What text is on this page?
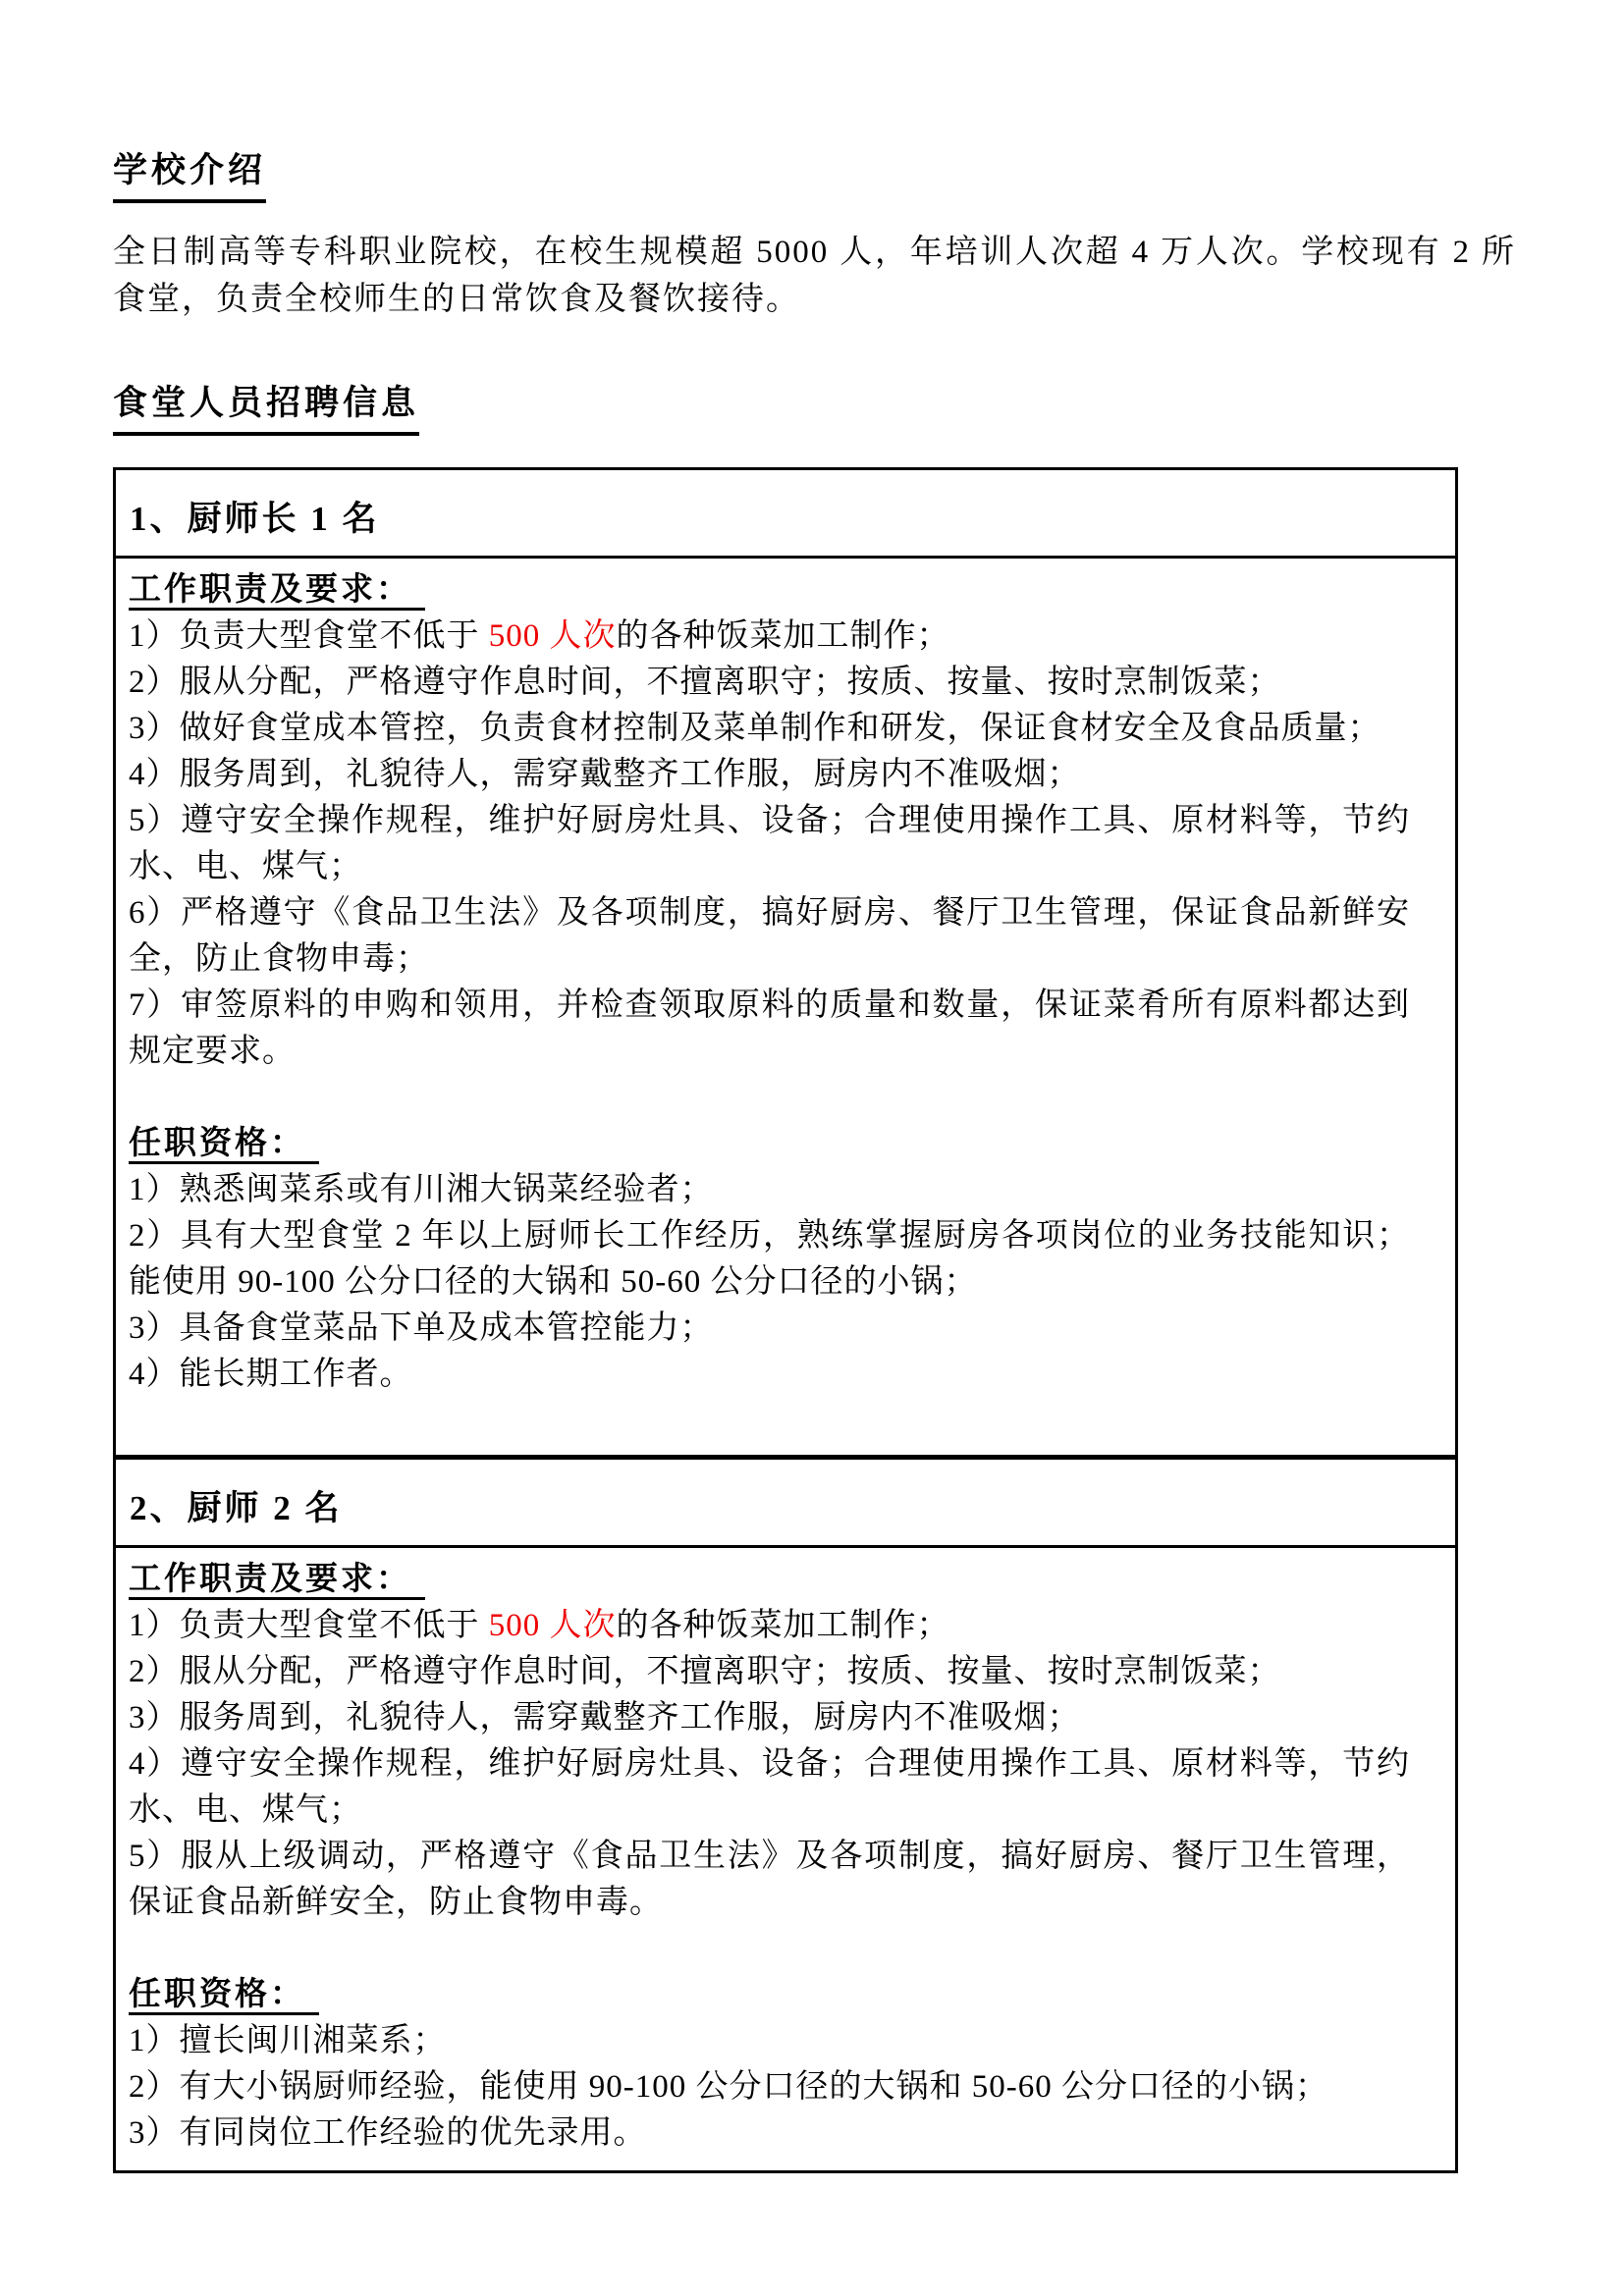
学校介绍

全日制高等专科职业院校，在校生规模超 5000 人，年培训人次超 4 万人次。学校现有 2 所食堂，负责全校师生的日常饮食及餐饮接待。

食堂人员招聘信息
1、厨师长 1 名
工作职责及要求：

1）负责大型食堂不低于 500 人次的各种饭菜加工制作；

2）服从分配，严格遵守作息时间，不擅离职守；按质、按量、按时烹制饭菜；

3）做好食堂成本管控，负责食材控制及菜单制作和研发，保证食材安全及食品质量；

4）服务周到，礼貌待人，需穿戴整齐工作服，厨房内不准吸烟；

5）遵守安全操作规程，维护好厨房灶具、设备；合理使用操作工具、原材料等，节约水、电、煤气；

6）严格遵守《食品卫生法》及各项制度，搞好厨房、餐厅卫生管理，保证食品新鲜安全，防止食物申毒；

7）审签原料的申购和领用，并检查领取原料的质量和数量，保证菜肴所有原料都达到规定要求。

任职资格：

1）熟悉闽菜系或有川湘大锅菜经验者；

2）具有大型食堂 2 年以上厨师长工作经历，熟练掌握厨房各项岗位的业务技能知识；能使用 90-100 公分口径的大锅和 50-60 公分口径的小锅；

3）具备食堂菜品下单及成本管控能力；

4）能长期工作者。

2、厨师 2 名
工作职责及要求：

1）负责大型食堂不低于 500 人次的各种饭菜加工制作；

2）服从分配，严格遵守作息时间，不擅离职守；按质、按量、按时烹制饭菜；

3）服务周到，礼貌待人，需穿戴整齐工作服，厨房内不准吸烟；

4）遵守安全操作规程，维护好厨房灶具、设备；合理使用操作工具、原材料等，节约水、电、煤气；

5）服从上级调动，严格遵守《食品卫生法》及各项制度，搞好厨房、餐厅卫生管理，保证食品新鲜安全，防止食物申毒。

任职资格：

1）擅长闽川湘菜系；

2）有大小锅厨师经验，能使用 90-100 公分口径的大锅和 50-60 公分口径的小锅；

3）有同岗位工作经验的优先录用。
